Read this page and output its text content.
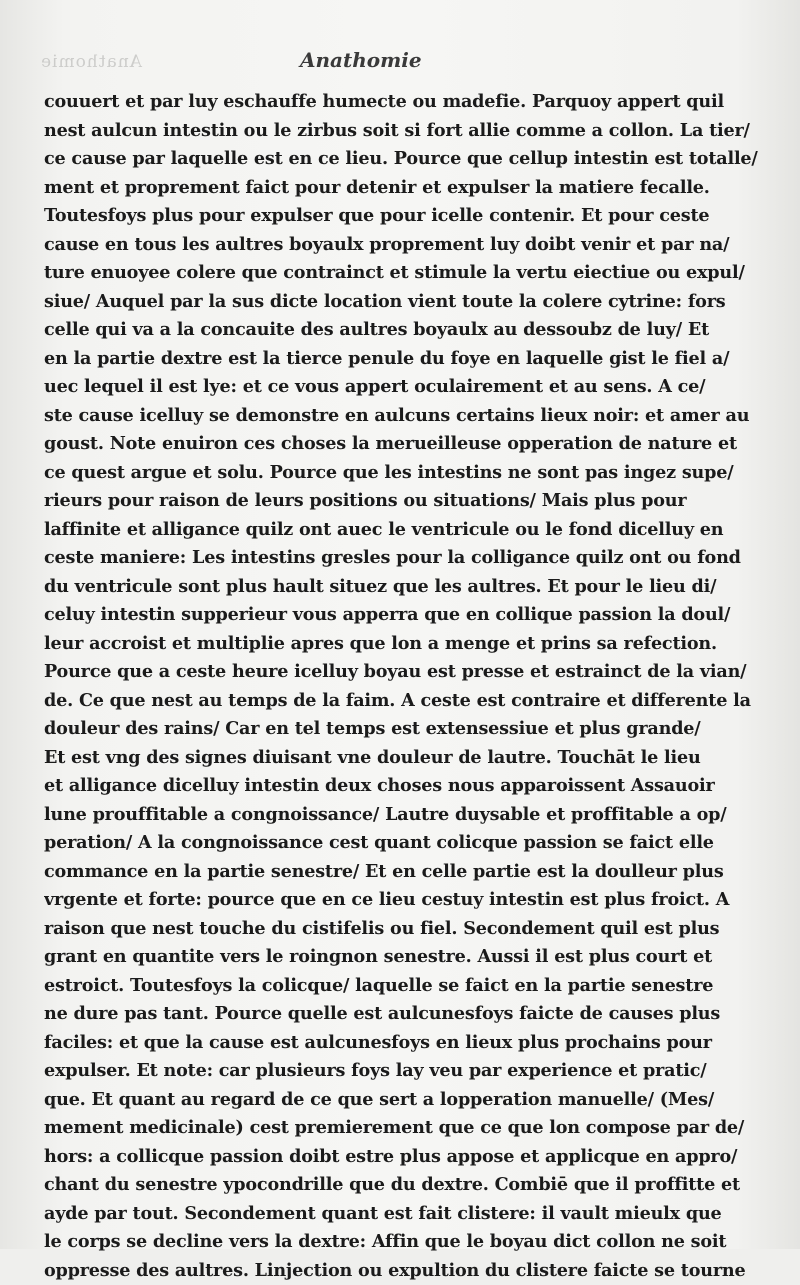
Anathomie	Anathomie
couuert et par luy eschauffe humecte ou madefie. Parquoy appert quil
nest aulcun intestin ou le zirbus soit si fort allie comme a collon. La tier/
ce cause par laquelle est en ce lieu. Pource que cellup intestin est totalle/
ment et proprement faict pour detenir et expulser la matiere fecalle.
Toutesfoys plus pour expulser que pour icelle contenir. Et pour ceste
cause en tous les aultres boyaulx proprement luy doibt venir et par na/
ture enuoyee colere que contrainct et stimule la vertu eiectiue ou expul/
siue/ Auquel par la sus dicte location vient toute la colere cytrine: fors
celle qui va a la concauite des aultres boyaulx au dessoubz de luy/ Et
en la partie dextre est la tierce penule du foye en laquelle gist le fiel a/
uec lequel il est lye: et ce vous appert oculairement et au sens. A ce/
ste cause icelluy se demonstre en aulcuns certains lieux noir: et amer au
goust. Note enuiron ces choses la merueilleuse opperation de nature et
ce quest argue et solu. Pource que les intestins ne sont pas ingez supe/
rieurs pour raison de leurs positions ou situations/ Mais plus pour
laffinite et alligance quilz ont auec le ventricule ou le fond dicelluy en
ceste maniere: Les intestins gresles pour la colligance quilz ont ou fond
du ventricule sont plus hault situez que les aultres. Et pour le lieu di/
celuy intestin supperieur vous apperra que en collique passion la doul/
leur accroist et multiplie apres que lon a menge et prins sa refection.
Pource que a ceste heure icelluy boyau est presse et estrainct de la vian/
de. Ce que nest au temps de la faim. A ceste est contraire et differente la
douleur des rains/ Car en tel temps est extensessiue et plus grande/
Et est vng des signes diuisant vne douleur de lautre. Touchāt le lieu
et alligance dicelluy intestin deux choses nous apparoissent Assauoir
lune prouffitable a congnoissance/ Lautre duysable et proffitable a op/
peration/ A la congnoissance cest quant colicque passion se faict elle
commance en la partie senestre/ Et en celle partie est la doulleur plus
vrgente et forte: pource que en ce lieu cestuy intestin est plus froict. A
raison que nest touche du cistifelis ou fiel. Secondement quil est plus
grant en quantite vers le roingnon senestre. Aussi il est plus court et
estroict. Toutesfoys la colicque/ laquelle se faict en la partie senestre
ne dure pas tant. Pource quelle est aulcunesfoys faicte de causes plus
faciles: et que la cause est aulcunesfoys en lieux plus prochains pour
expulser. Et note: car plusieurs foys lay veu par experience et pratic/
que. Et quant au regard de ce que sert a lopperation manuelle/ (Mes/
mement medicinale) cest premierement que ce que lon compose par de/
hors: a collicque passion doibt estre plus appose et applicque en appro/
chant du senestre ypocondrille que du dextre. Combiē que il proffitte et
ayde par tout. Secondement quant est fait clistere: il vault mieulx que
le corps se decline vers la dextre: Affin que le boyau dict collon ne soit
oppresse des aultres. Linjection ou expultion du clistere faicte se tourne
